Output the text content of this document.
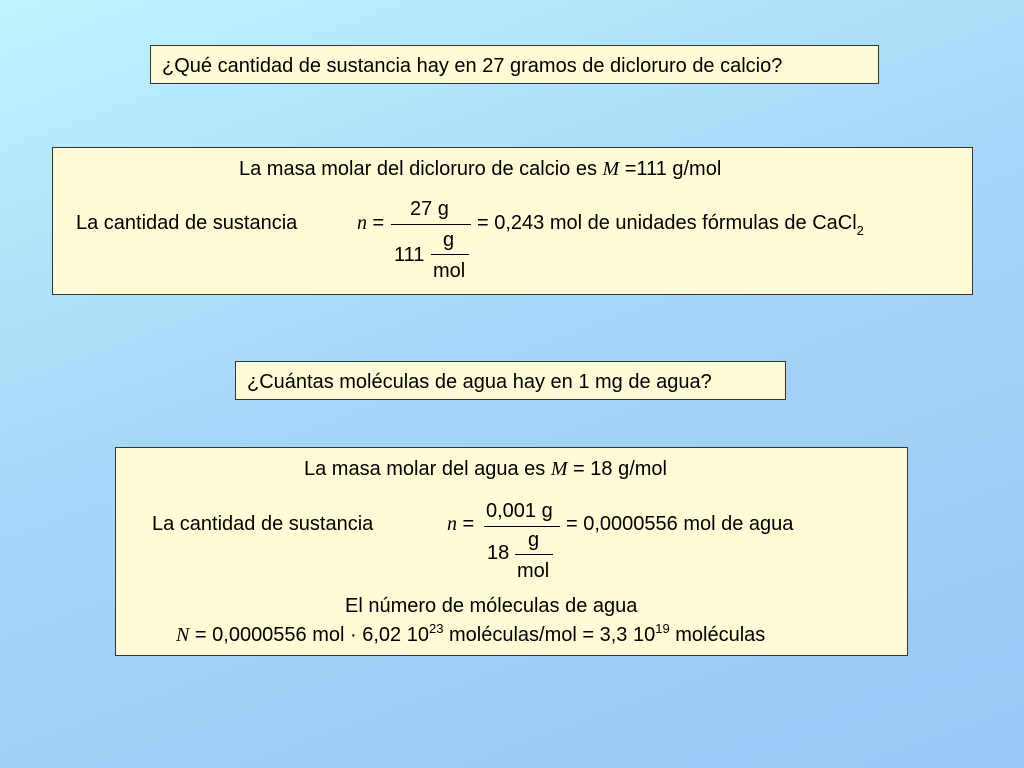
¿Qué cantidad de sustancia hay en 27 gramos de dicloruro de calcio?
La masa molar del dicloruro de calcio es M =111 g/mol
La cantidad de sustancia	n =
27 g
111
g
mol
= 0,243 mol de unidades fórmulas de CaCl$_2$
¿Cuántas moléculas de agua hay en 1 mg de agua?
La masa molar del agua es M = 18 g/mol
La cantidad de sustancia	n =
0,001 g
18
g
mol
= 0,0000556 mol de agua
El número de móleculas de agua
N = 0,0000556 mol · 6,02 $10^{23}$ moléculas/mol = 3,3 $10^{19}$ moléculas
